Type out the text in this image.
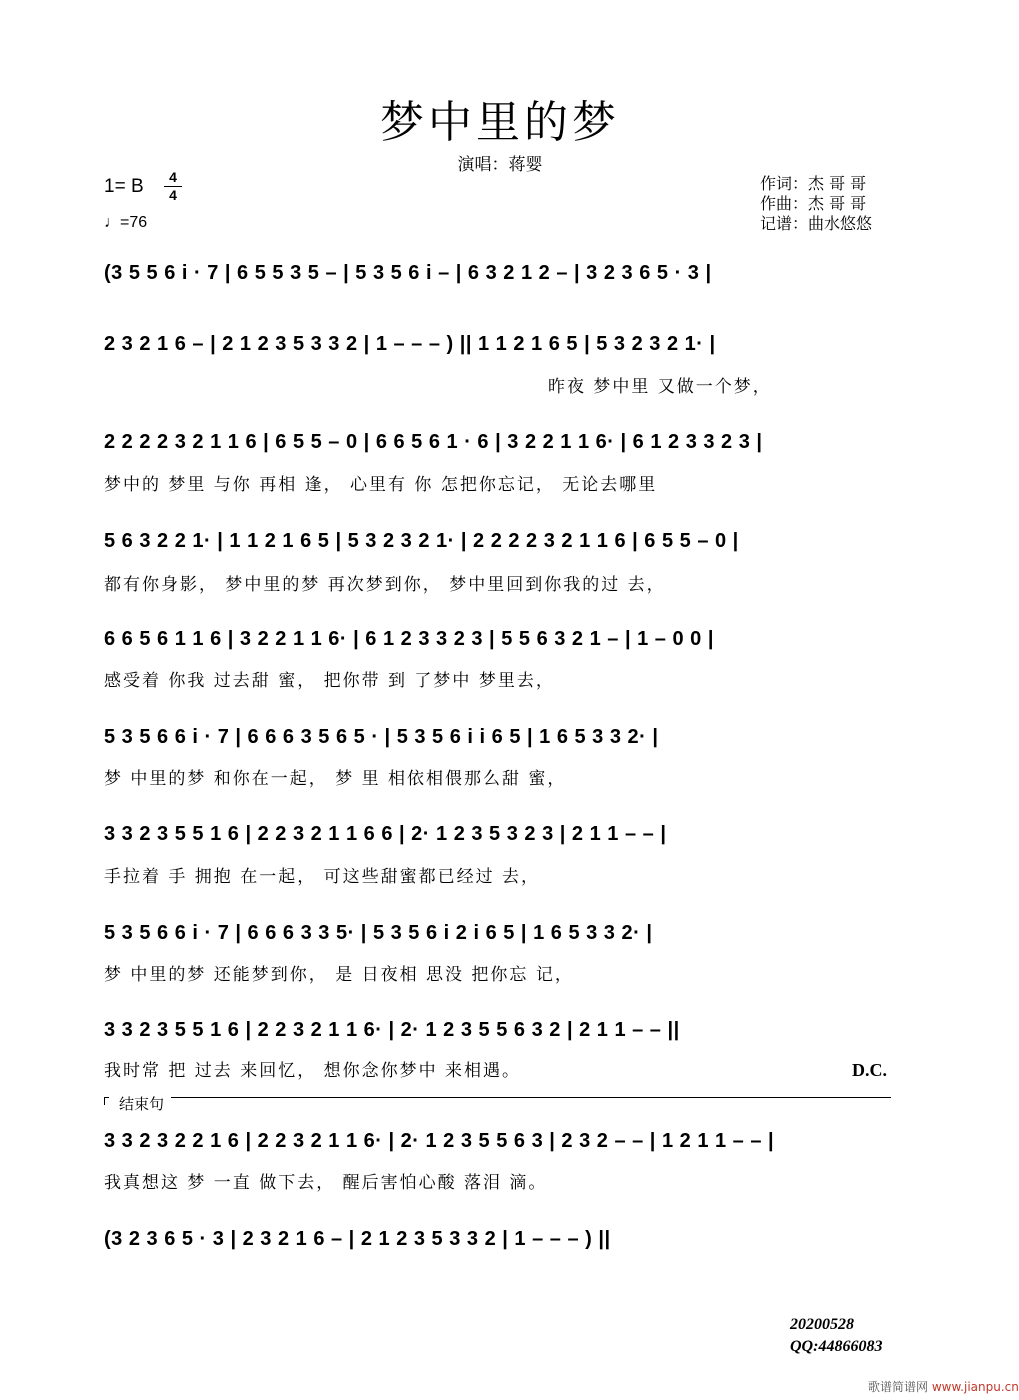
梦中里的梦
演唱：蒋婴
1= B	4
4
♩=76
作词：杰 哥 哥
作曲：杰 哥 哥
记谱：曲水悠悠
(3 5 5 6 i · 7 | 6 5 5 3 5 – | 5 3 5 6 i – | 6 3 2 1 2 – | 3 2 3 6 5 · 3 |
2 3 2 1 6 – | 2 1 2 3 5 3 3 2 | 1 – – – ) || 1 1 2 1 6 5 | 5 3 2 3 2 1· |
昨夜 梦中里 又做一个梦，
2 2 2 2 3 2 1 1 6 | 6 5 5 – 0 | 6 6 5 6 1 · 6 | 3 2 2 1 1 6· | 6 1 2 3 3 2 3 |
梦中的 梦里 与你 再相 逢， 心里有 你 怎把你忘记， 无论去哪里
5 6 3 2 2 1· | 1 1 2 1 6 5 | 5 3 2 3 2 1· | 2 2 2 2 3 2 1 1 6 | 6 5 5 – 0 |
都有你身影， 梦中里的梦 再次梦到你， 梦中里回到你我的过 去，
6 6 5 6 1 1 6 | 3 2 2 1 1 6· | 6 1 2 3 3 2 3 | 5 5 6 3 2 1 – | 1 – 0 0 |
感受着 你我 过去甜 蜜， 把你带 到 了梦中 梦里去，
5 3 5 6 6 i · 7 | 6 6 6 3 5 6 5 · | 5 3 5 6 i i 6 5 | 1 6 5 3 3 2· |
梦 中里的梦 和你在一起， 梦 里 相依相偎那么甜 蜜，
3 3 2 3 5 5 1 6 | 2 2 3 2 1 1 6 6 | 2· 1 2 3 5 3 2 3 | 2 1 1 – – |
手拉着 手 拥抱 在一起， 可这些甜蜜都已经过 去，
5 3 5 6 6 i · 7 | 6 6 6 3 3 5· | 5 3 5 6 i 2 i 6 5 | 1 6 5 3 3 2· |
梦 中里的梦 还能梦到你， 是 日夜相 思没 把你忘 记，
3 3 2 3 5 5 1 6 | 2 2 3 2 1 1 6· | 2· 1 2 3 5 5 6 3 2 | 2 1 1 – – ||
我时常 把 过去 来回忆， 想你念你梦中 来相遇。	D.C.
结束句
3 3 2 3 2 2 1 6 | 2 2 3 2 1 1 6· | 2· 1 2 3 5 5 6 3 | 2 3 2 – – | 1 2 1 1 – – |
我真想这 梦 一直 做下去， 醒后害怕心酸 落泪 滴。
(3 2 3 6 5 · 3 | 2 3 2 1 6 – | 2 1 2 3 5 3 3 2 | 1 – – – ) ||
20200528
QQ:44866083
歌谱简谱网 www.jianpu.cn
